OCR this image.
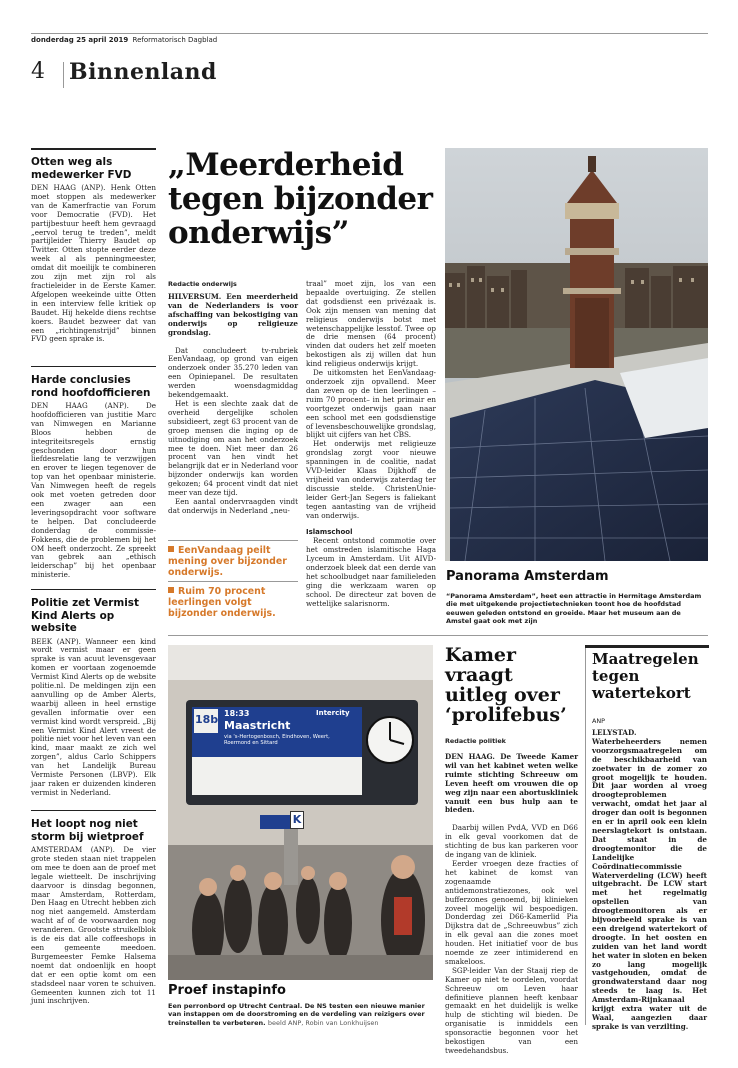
donderdag 25 april 2019 Reformatorisch Dagblad
4 Binnenland
Otten weg als medewerker FVD
DEN HAAG (ANP). Henk Otten moet stoppen als medewerker van de Kamerfractie van Forum voor Democratie (FVD). Het partijbestuur heeft hem gevraagd „eervol terug te treden”, meldt partijleider Thierry Baudet op Twitter. Otten stopte eerder deze week al als penningmeester, omdat dit moeilijk te combineren zou zijn met zijn rol als fractieleider in de Eerste Kamer. Afgelopen weekeinde uitte Otten in een interview felle kritiek op Baudet. Hij hekelde diens rechtse koers. Baudet bezweer dat van een „richtingenstrijd” binnen FVD geen sprake is.
Harde conclusies rond hoofdofficieren
DEN HAAG (ANP). De hoofdofficieren van justitie Marc van Nimwegen en Marianne Bloos hebben de integriteitsregels ernstig geschonden door hun liefdesrelatie lang te verzwijgen en erover te liegen tegenover de top van het openbaar ministerie. Van Nimwegen heeft de regels ook met voeten getreden door een zwager aan een leveringsopdracht voor software te helpen. Dat concludeerde donderdag de commissie-Fokkens, die de problemen bij het OM heeft onderzocht. Ze spreekt van gebrek aan „ethisch leiderschap” bij het openbaar ministerie.
Politie zet Vermist Kind Alerts op website
BEEK (ANP). Wanneer een kind wordt vermist maar er geen sprake is van acuut levensgevaar komen er voortaan zogenoemde Vermist Kind Alerts op de website politie.nl. De meldingen zijn een aanvulling op de Amber Alerts, waarbij alleen in heel ernstige gevallen informatie over een vermist kind wordt verspreid. „Bij een Vermist Kind Alert vreest de politie niet voor het leven van een kind, maar maakt ze zich wel zorgen”, aldus Carlo Schippers van het Landelijk Bureau Vermiste Personen (LBVP). Elk jaar raken er duizenden kinderen vermist in Nederland.
Het loopt nog niet storm bij wietproef
AMSTERDAM (ANP). De vier grote steden staan niet trappelen om mee te doen aan de proef met legale wietteelt. De inschrijving daarvoor is dinsdag begonnen, maar Amsterdam, Rotterdam, Den Haag en Utrecht hebben zich nog niet aangemeld. Amsterdam wacht af of de voorwaarden nog veranderen. Grootste struikelblok is de eis dat alle coffeeshops in een gemeente meedoen. Burgemeester Femke Halsema noemt dat ondoenlijk en hoopt dat er een optie komt om een stadsdeel naar voren te schuiven. Gemeenten kunnen zich tot 11 juni inschrijven.
„Meerderheid tegen bijzonder onderwijs”
Redactie onderwijs

HILVERSUM. Een meerderheid van de Nederlanders is voor afschaffing van bekostiging van onderwijs op religieuze grondslag.

Dat concludeert tv-rubriek EenVandaag, op grond van eigen onderzoek onder 35.270 leden van een Opiniepanel. De resultaten werden woensdagmiddag bekendgemaakt.

Het is een slechte zaak dat de overheid dergelijke scholen subsidieert, zegt 63 procent van de groep mensen die inging op de uitnodiging om aan het onderzoek mee te doen. Niet meer dan 26 procent van hen vindt het belangrijk dat er in Nederland voor bijzonder onderwijs kan worden gekozen; 64 procent vindt dat niet meer van deze tijd.

Een aantal ondervraagden vindt dat onderwijs in Nederland „neu-

EenVandaag peilt mening over bijzonder onderwijs.
Ruim 70 procent leerlingen volgt bijzonder onderwijs.

traal” moet zijn, los van een bepaalde overtuiging. Ze stellen dat godsdienst een privézaak is. Ook zijn mensen van mening dat religieus onderwijs botst met wetenschappelijke lesstof. Twee op de drie mensen (64 procent) vinden dat ouders het zelf moeten bekostigen als zij willen dat hun kind religieus onderwijs krijgt.

De uitkomsten het EenVandaag-onderzoek zijn opvallend. Meer dan zeven op de tien leerlingen –ruim 70 procent– in het primair en voortgezet onderwijs gaan naar een school met een godsdienstige of levensbeschouwelijke grondslag, blijkt uit cijfers van het CBS.

Het onderwijs met religieuze grondslag zorgt voor nieuwe spanningen in de coalitie, nadat VVD-leider Klaas Dijkhoff de vrijheid van onderwijs zaterdag ter discussie stelde. ChristenUnie-leider Gert-Jan Segers is faliekant tegen aantasting van de vrijheid van onderwijs.

Islamschool

Recent ontstond commotie over het omstreden islamitische Haga Lyceum in Amsterdam. Uit AIVD-onderzoek bleek dat een derde van het schoolbudget naar familieleden ging die werkzaam waren op school. De directeur zat boven de wettelijke salarisnorm.

Panorama Amsterdam
“Panorama Amsterdam”, heet een attractie in Hermitage Amsterdam die met uitgekende projectietechnieken toont hoe de hoofdstad eeuwen geleden ontstond en groeide. Maar het museum aan de Amstel gaat ook met zijn
18b 18:33	Intercity
Maastricht
via 's-Hertogenbosch, Eindhoven, Weert, Roermond en Sittard
K
Proef instapinfo
Een perronbord op Utrecht Centraal. De NS testen een nieuwe manier van instappen om de doorstroming en de verdeling van reizigers over treinstellen te verbeteren. beeld ANP, Robin van Lonkhuijsen
Kamer vraagt uitleg over ‘prolifebus’
Redactie politiek

DEN HAAG. De Tweede Kamer wil van het kabinet weten welke ruimte stichting Schreeuw om Leven heeft om vrouwen die op weg zijn naar een abortuskliniek vanuit een bus hulp aan te bieden.

Daarbij willen PvdA, VVD en D66 in elk geval voorkomen dat de stichting de bus kan parkeren voor de ingang van de kliniek.

Eerder vroegen deze fracties of het kabinet de komst van zogenaamde antidemonstratiezones, ook wel bufferzones genoemd, bij klinieken zoveel mogelijk wil bespoedigen. Donderdag zei D66-Kamerlid Pia Dijkstra dat de „Schreeuwbus” zich in elk geval aan die zones moet houden. Het initiatief voor de bus noemde ze zeer intimiderend en smakeloos.

SGP-leider Van der Staaij riep de Kamer op niet te oordelen, voordat Schreeuw om Leven haar definitieve plannen heeft kenbaar gemaakt en het duidelijk is welke hulp de stichting wil bieden. De organisatie is inmiddels een sponsoractie begonnen voor het bekostigen van een tweedehandsbus.

Maatregelen tegen watertekort
ANP
LELYSTAD. Waterbeheerders nemen voorzorgsmaatregelen om de beschikbaarheid van zoetwater in de zomer zo groot mogelijk te houden. Dit jaar worden al vroeg droogteproblemen verwacht, omdat het jaar al droger dan ooit is begonnen en er in april ook een klein neerslagtekort is ontstaan. Dat staat in de droogtemonitor die de Landelijke Coördinatiecommissie Waterverdeling (LCW) heeft uitgebracht. De LCW start met het regelmatig opstellen van droogtemonitoren als er bijvoorbeeld sprake is van een dreigend watertekort of droogte. In het oosten en zuiden van het land wordt het water in sloten en beken zo lang mogelijk vastgehouden, omdat de grondwaterstand daar nog steeds te laag is. Het Amsterdam-Rijnkanaal krijgt extra water uit de Waal, aangezien daar sprake is van verzilting.
